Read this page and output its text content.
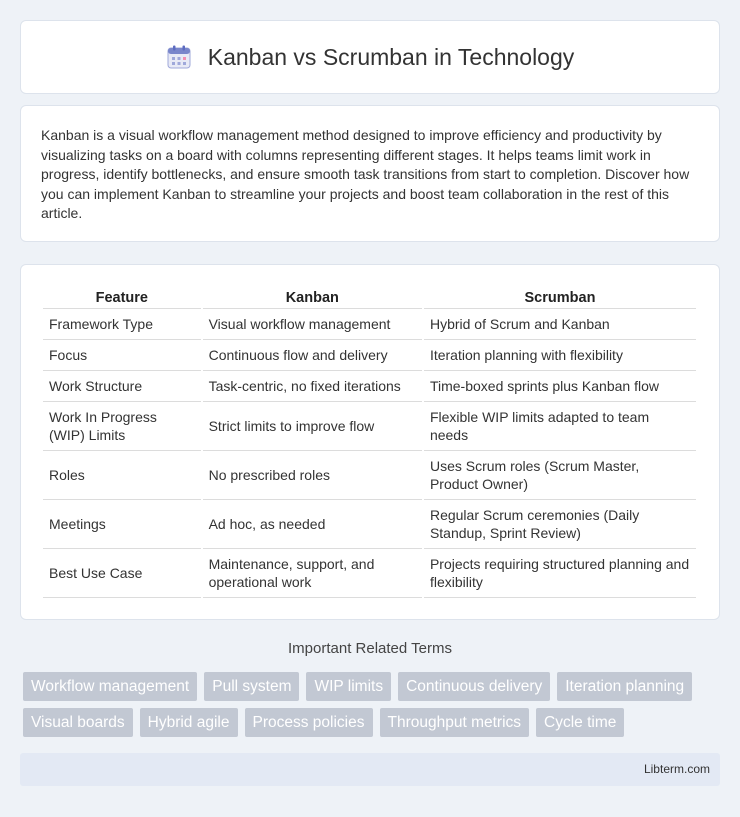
Kanban vs Scrumban in Technology

Kanban is a visual workflow management method designed to improve efficiency and productivity by visualizing tasks on a board with columns representing different stages. It helps teams limit work in progress, identify bottlenecks, and ensure smooth task transitions from start to completion. Discover how you can implement Kanban to streamline your projects and boost team collaboration in the rest of this article.

Feature	Kanban	Scrumban
Framework Type	Visual workflow management	Hybrid of Scrum and Kanban
Focus	Continuous flow and delivery	Iteration planning with flexibility
Work Structure	Task-centric, no fixed iterations	Time-boxed sprints plus Kanban flow
Work In Progress (WIP) Limits	Strict limits to improve flow	Flexible WIP limits adapted to team needs
Roles	No prescribed roles	Uses Scrum roles (Scrum Master, Product Owner)
Meetings	Ad hoc, as needed	Regular Scrum ceremonies (Daily Standup, Sprint Review)
Best Use Case	Maintenance, support, and operational work	Projects requiring structured planning and flexibility
Important Related Terms
Workflow management	Pull system	WIP limits	Continuous delivery	Iteration planning
Visual boards	Hybrid agile	Process policies	Throughput metrics	Cycle time
Libterm.com
